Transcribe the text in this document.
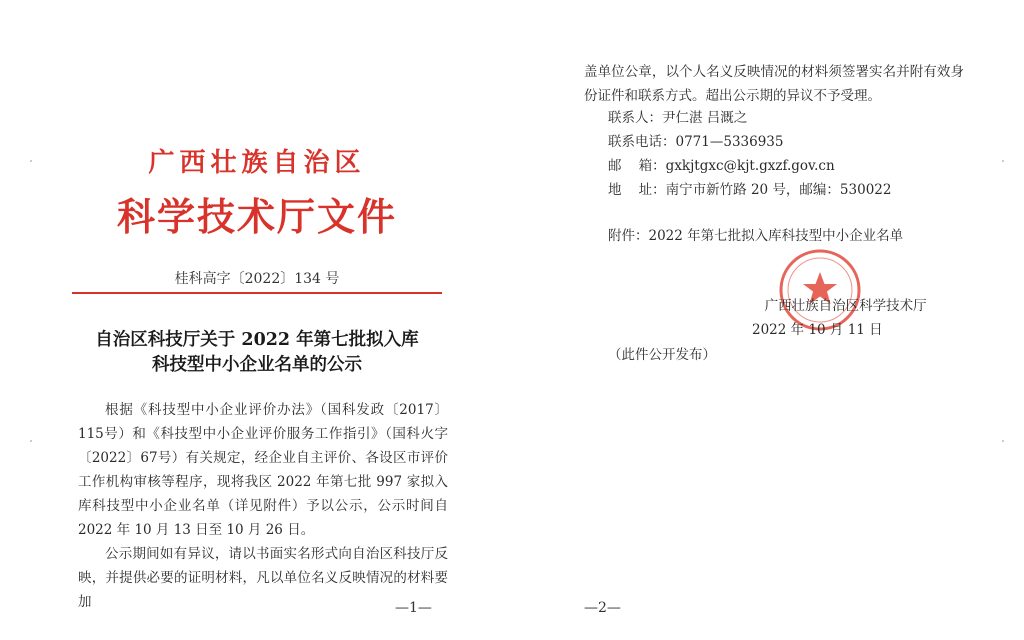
广西壮族自治区
科学技术厅文件
桂科高字〔2022〕134 号
自治区科技厅关于 2022 年第七批拟入库
科技型中小企业名单的公示

根据《科技型中小企业评价办法》（国科发政〔2017〕115号）和《科技型中小企业评价服务工作指引》（国科火字〔2022〕67号）有关规定，经企业自主评价、各设区市评价工作机构审核等程序，现将我区 2022 年第七批 997 家拟入库科技型中小企业名单（详见附件）予以公示，公示时间自 2022 年 10 月 13 日至 10 月 26 日。

公示期间如有异议，请以书面实名形式向自治区科技厅反映，并提供必要的证明材料，凡以单位名义反映情况的材料要加	—1—

盖单位公章，以个人名义反映情况的材料须签署实名并附有效身份证件和联系方式。超出公示期的异议不予受理。

联系人：尹仁湛 吕溉之
联系电话：0771—5336935
邮    箱：gxkjtgxc@kjt.gxzf.gov.cn
地    址：南宁市新竹路 20 号，邮编：530022
附件：2022 年第七批拟入库科技型中小企业名单
广西壮族自治区科学技术厅
2022 年 10 月 11 日
（此件公开发布）
—2—
